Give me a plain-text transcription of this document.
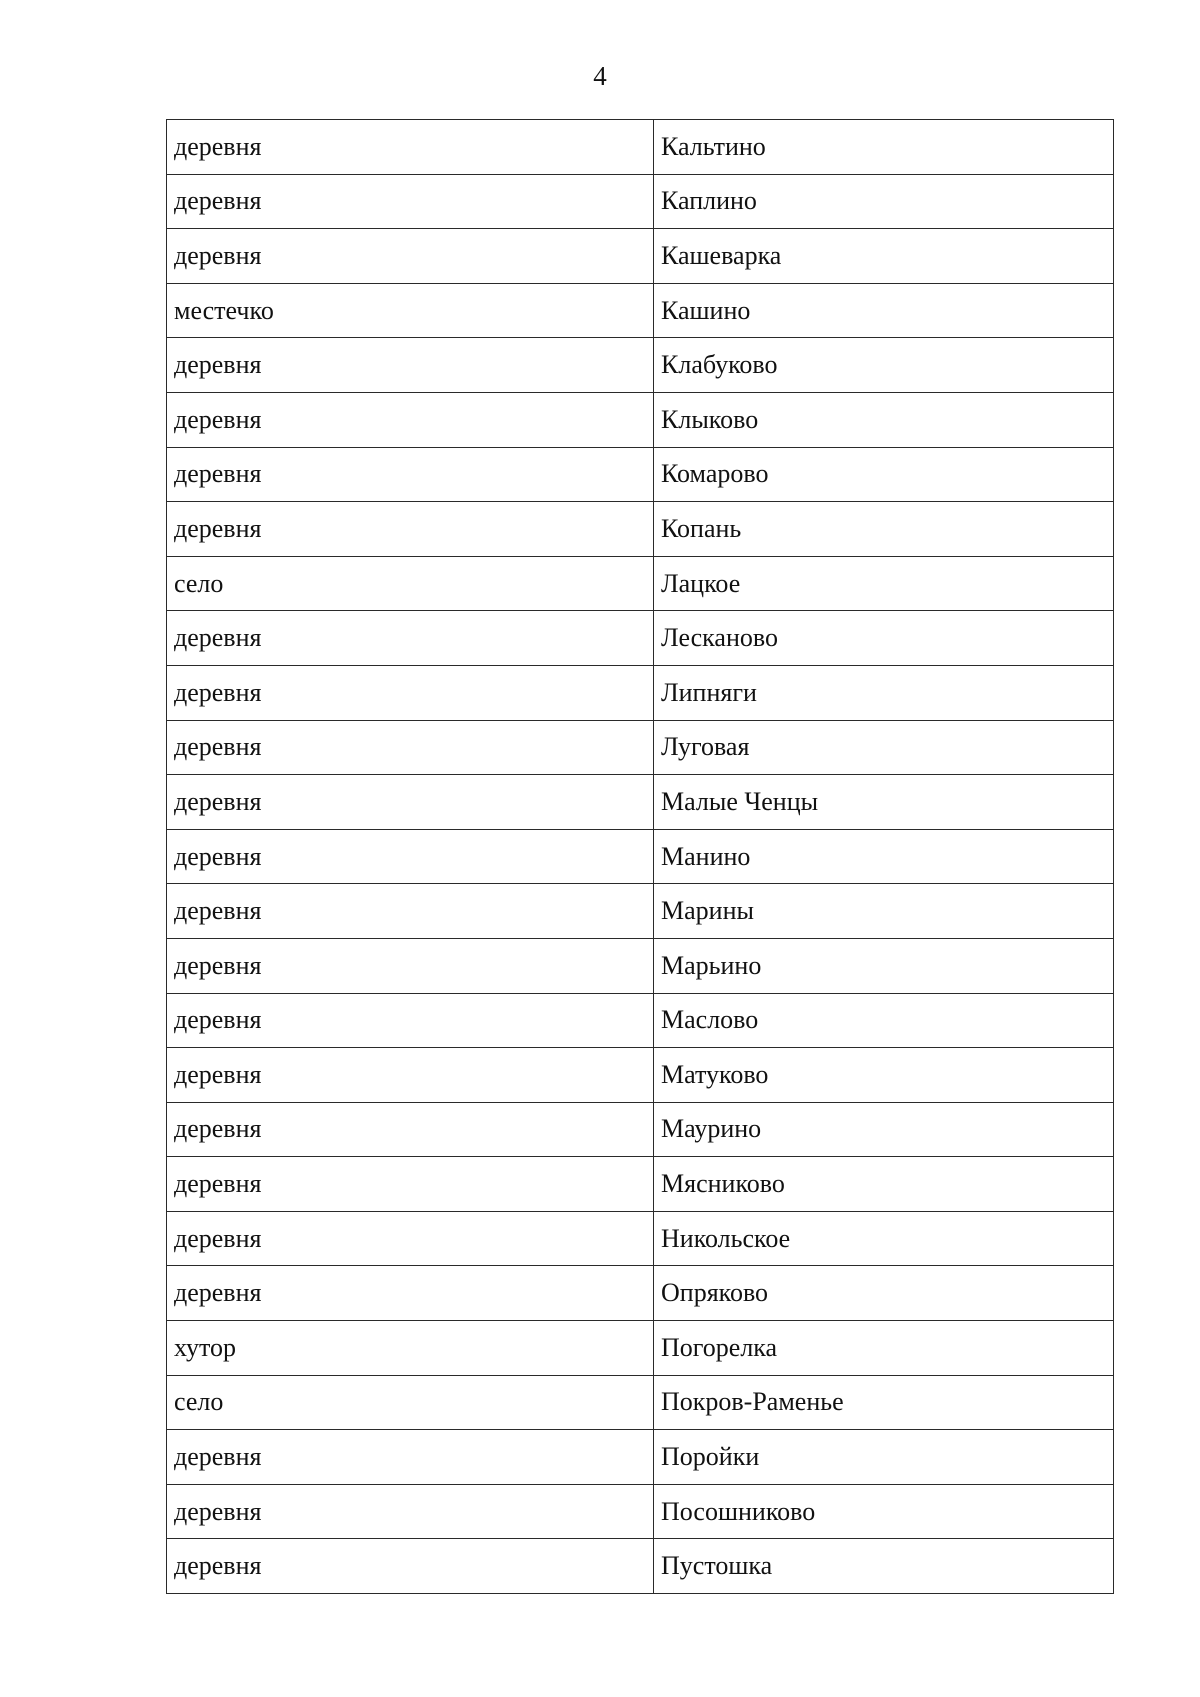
4
деревня	Кальтино
деревня	Каплино
деревня	Кашеварка
местечко	Кашино
деревня	Клабуково
деревня	Клыково
деревня	Комарово
деревня	Копань
село	Лацкое
деревня	Лесканово
деревня	Липняги
деревня	Луговая
деревня	Малые Ченцы
деревня	Манино
деревня	Марины
деревня	Марьино
деревня	Маслово
деревня	Матуково
деревня	Маурино
деревня	Мясниково
деревня	Никольское
деревня	Опряково
хутор	Погорелка
село	Покров-Раменье
деревня	Поройки
деревня	Посошниково
деревня	Пустошка
